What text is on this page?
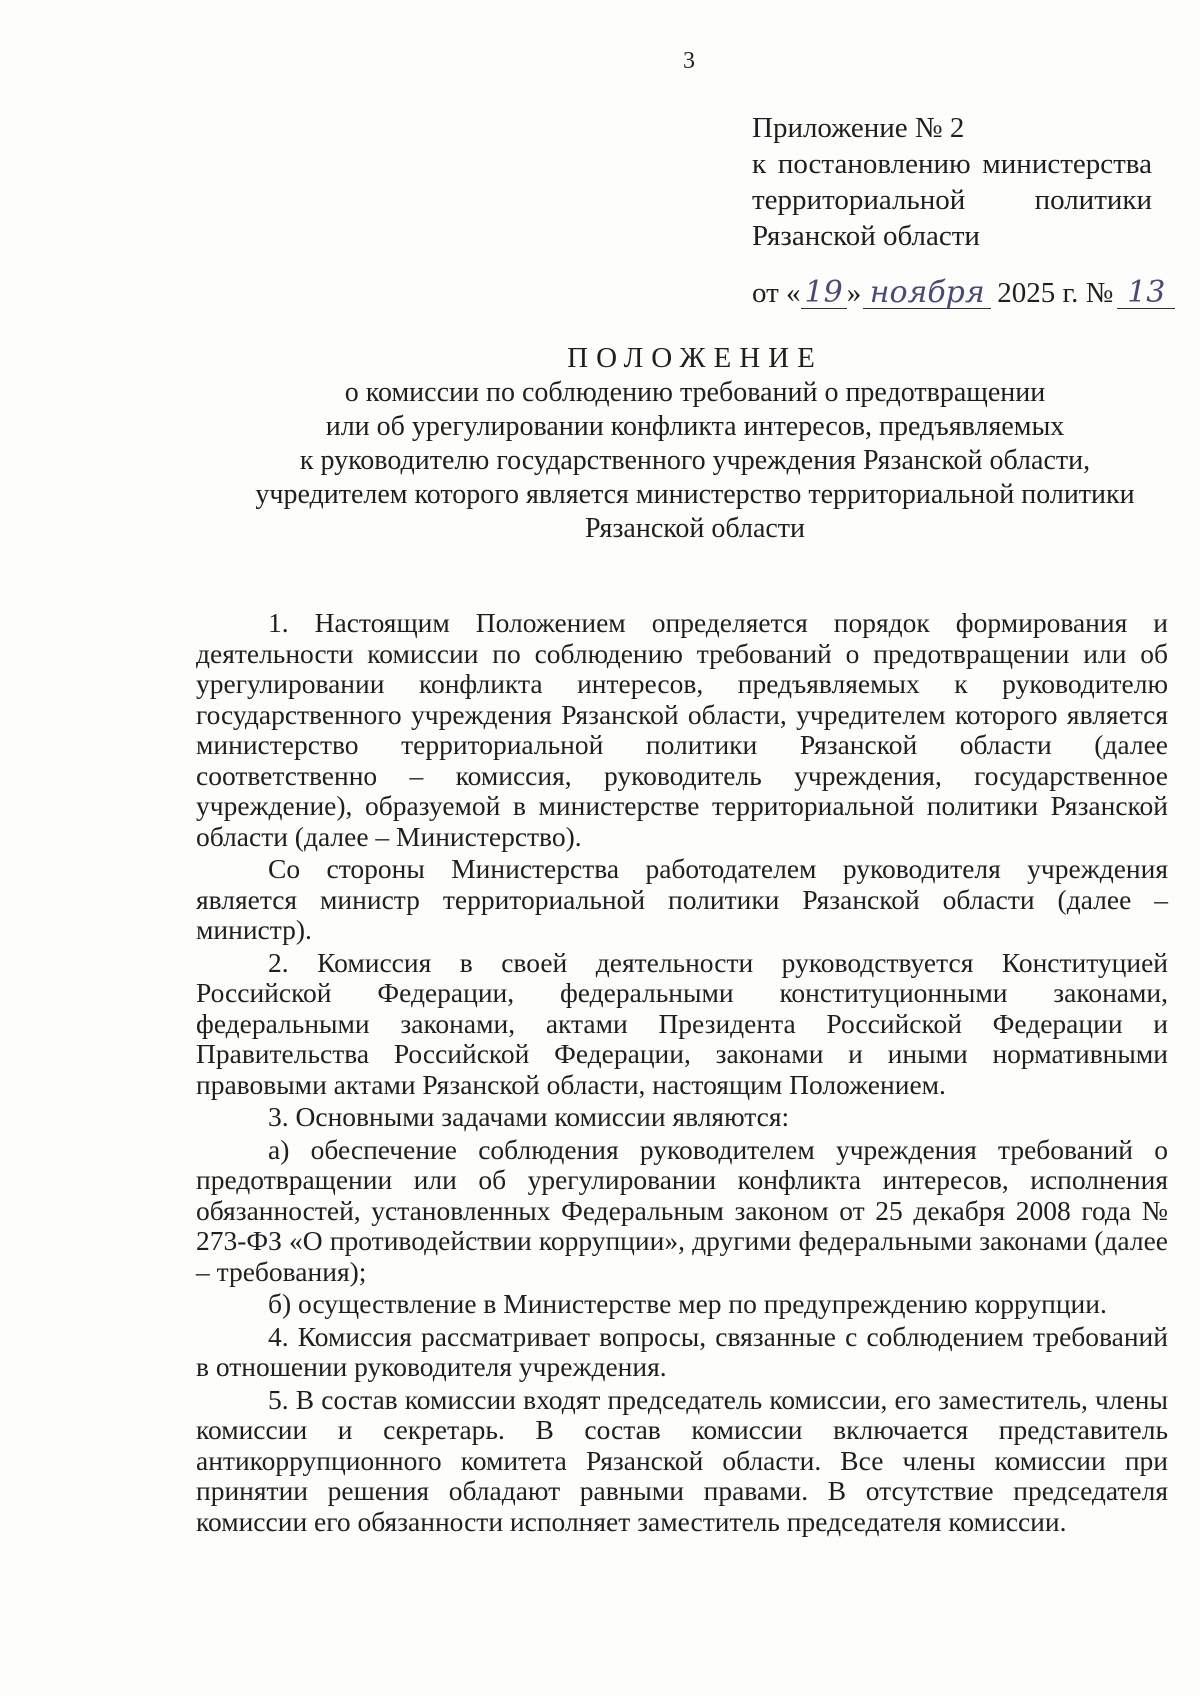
3
Приложение № 2
к постановлению министерства
территориальной политики
Рязанской области
от « 19 » ноября 2025 г. № 13
ПОЛОЖЕНИЕ
о комиссии по соблюдению требований о предотвращении
или об урегулировании конфликта интересов, предъявляемых
к руководителю государственного учреждения Рязанской области,
учредителем которого является министерство территориальной политики
Рязанской области

1. Настоящим Положением определяется порядок формирования и деятельности комиссии по соблюдению требований о предотвращении или об урегулировании конфликта интересов, предъявляемых к руководителю государственного учреждения Рязанской области, учредителем которого является министерство территориальной политики Рязанской области (далее соответственно – комиссия, руководитель учреждения, государственное учреждение), образуемой в министерстве территориальной политики Рязанской области (далее – Министерство).

Со стороны Министерства работодателем руководителя учреждения является министр территориальной политики Рязанской области (далее – министр).

2. Комиссия в своей деятельности руководствуется Конституцией Российской Федерации, федеральными конституционными законами, федеральными законами, актами Президента Российской Федерации и Правительства Российской Федерации, законами и иными нормативными правовыми актами Рязанской области, настоящим Положением.

3. Основными задачами комиссии являются:

а) обеспечение соблюдения руководителем учреждения требований о предотвращении или об урегулировании конфликта интересов, исполнения обязанностей, установленных Федеральным законом от 25 декабря 2008 года № 273-ФЗ «О противодействии коррупции», другими федеральными законами (далее – требования);

б) осуществление в Министерстве мер по предупреждению коррупции.

4. Комиссия рассматривает вопросы, связанные с соблюдением требований в отношении руководителя учреждения.

5. В состав комиссии входят председатель комиссии, его заместитель, члены комиссии и секретарь. В состав комиссии включается представитель антикоррупционного комитета Рязанской области. Все члены комиссии при принятии решения обладают равными правами. В отсутствие председателя комиссии его обязанности исполняет заместитель председателя комиссии.
